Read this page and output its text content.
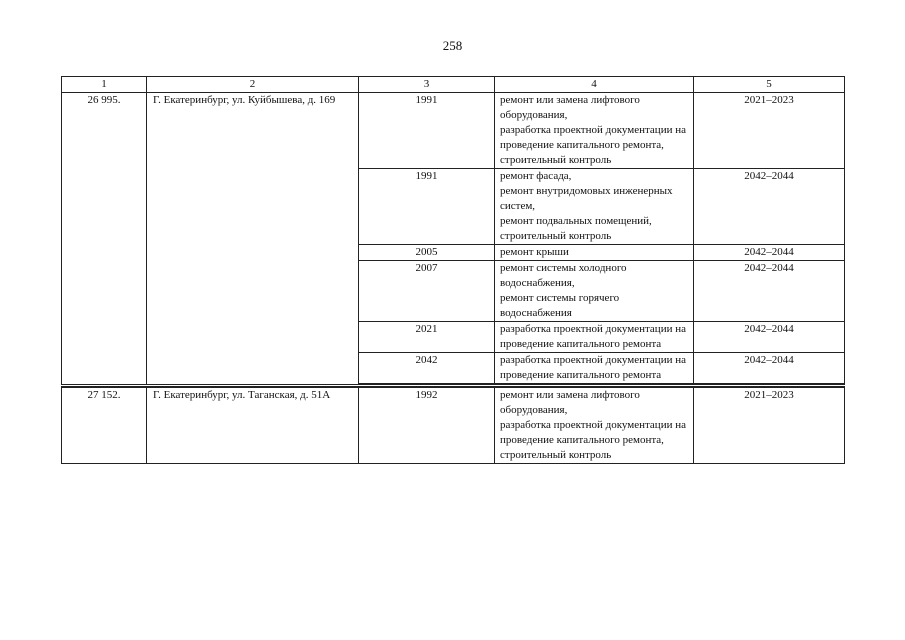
258
1	2	3	4	5
26 995.	Г. Екатеринбург, ул. Куйбышева, д. 169	1991	ремонт или замена лифтового оборудования,
разработка проектной документации на проведение капитального ремонта,
строительный контроль	2021–2023
		1991	ремонт фасада,
ремонт внутридомовых инженерных систем,
ремонт подвальных помещений,
строительный контроль	2042–2044
		2005	ремонт крыши	2042–2044
		2007	ремонт системы холодного водоснабжения,
ремонт системы горячего водоснабжения	2042–2044
		2021	разработка проектной документации на проведение капитального ремонта	2042–2044
		2042	разработка проектной документации на проведение капитального ремонта	2042–2044

27 152.	Г. Екатеринбург, ул. Таганская, д. 51А	1992	ремонт или замена лифтового оборудования,
разработка проектной документации на проведение капитального ремонта,
строительный контроль	2021–2023
